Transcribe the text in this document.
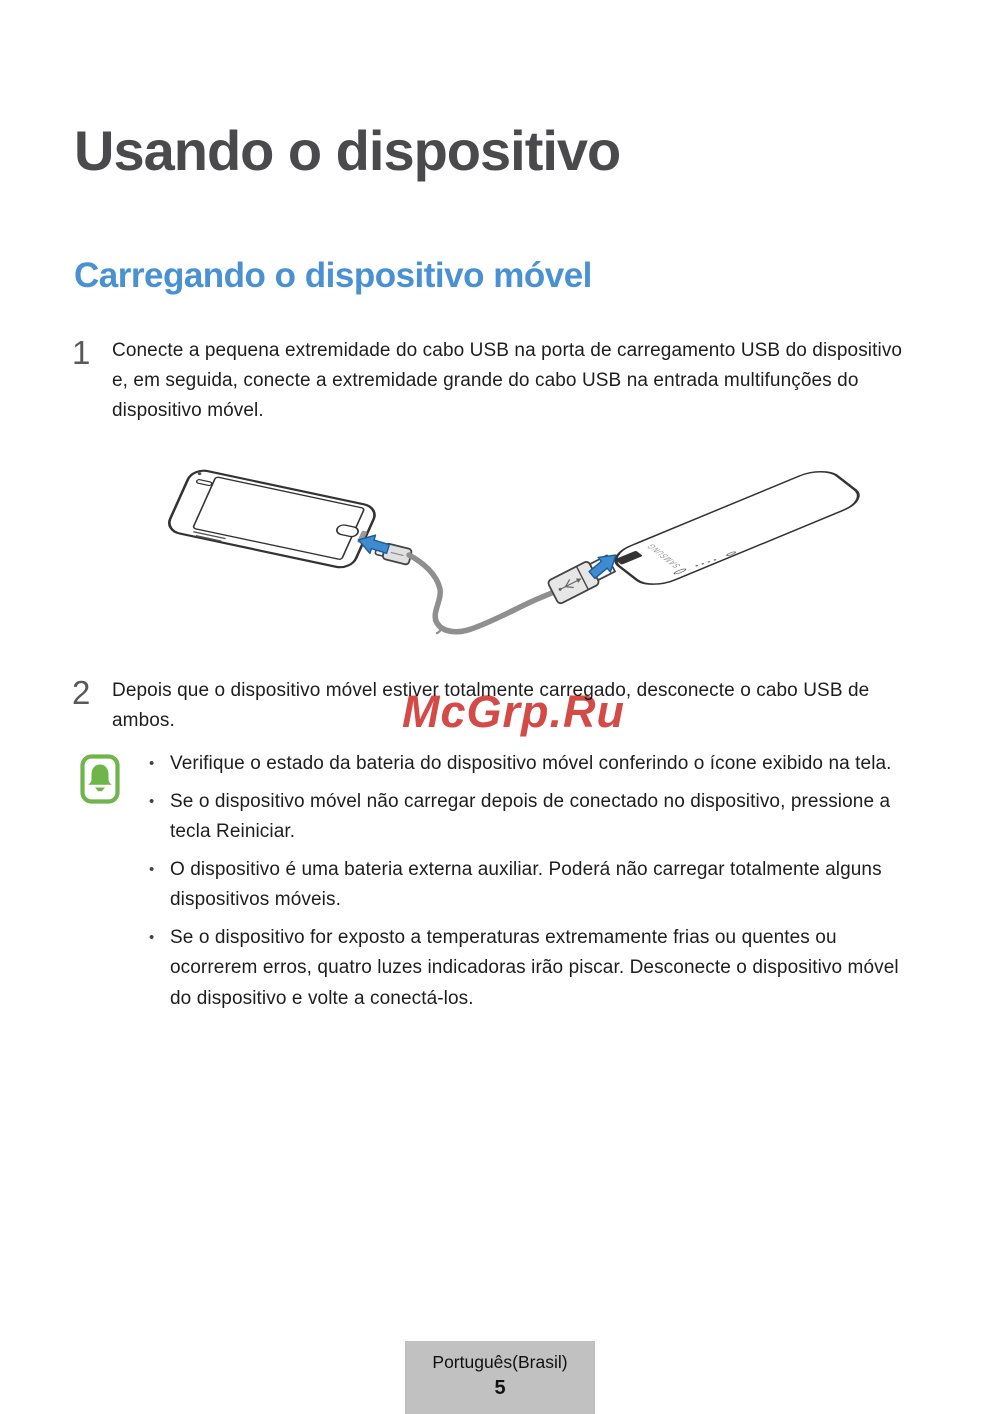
Usando o dispositivo
Carregando o dispositivo móvel
1	Conecte a pequena extremidade do cabo USB na porta de carregamento USB do dispositivo
e, em seguida, conecte a extremidade grande do cabo USB na entrada multifunções do
dispositivo móvel.
SAMSUNG
2	Depois que o dispositivo móvel estiver totalmente carregado, desconecte o cabo USB de
ambos.	McGrp.Ru
• Verifique o estado da bateria do dispositivo móvel conferindo o ícone exibido na tela.
• Se o dispositivo móvel não carregar depois de conectado no dispositivo, pressione a
tecla Reiniciar.
• O dispositivo é uma bateria externa auxiliar. Poderá não carregar totalmente alguns
dispositivos móveis.
• Se o dispositivo for exposto a temperaturas extremamente frias ou quentes ou
ocorrerem erros, quatro luzes indicadoras irão piscar. Desconecte o dispositivo móvel
do dispositivo e volte a conectá-los.
Português(Brasil)
5
